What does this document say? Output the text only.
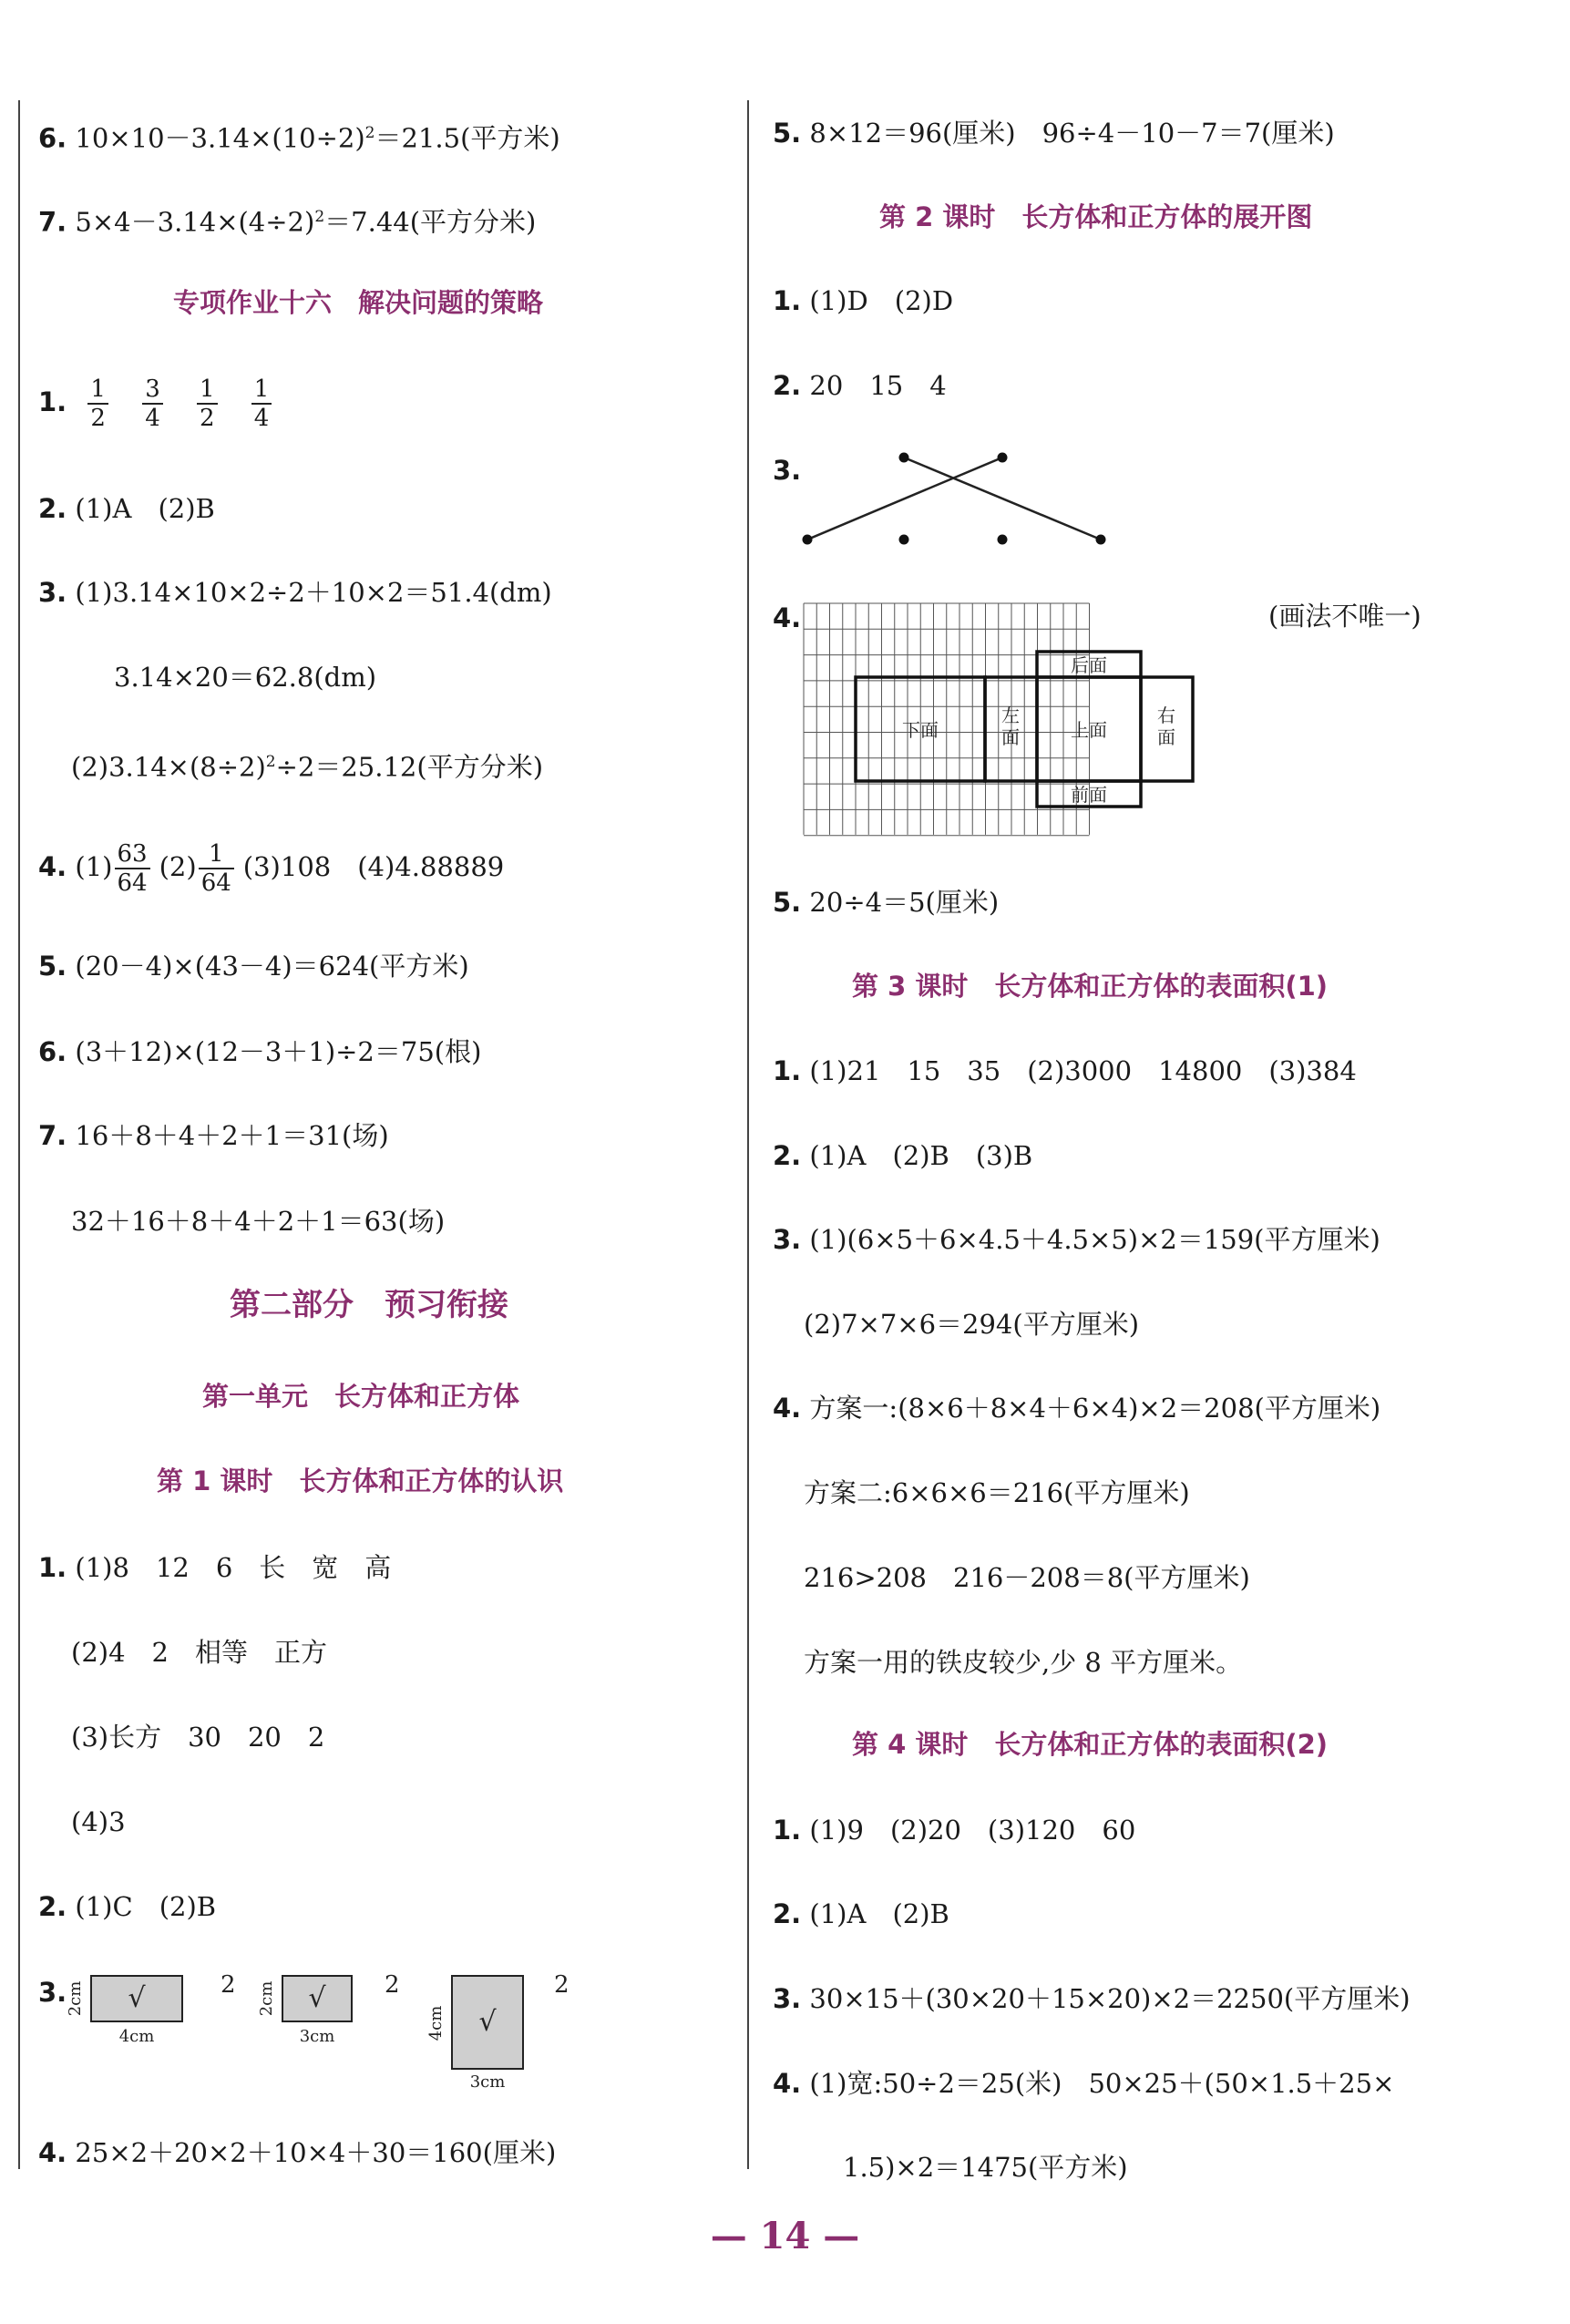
6. $10\times 10-3.14\times(10\div 2)^2=21.5$(平方米)
7. $5\times 4-3.14\times(4\div 2)^2=7.44$(平方分米)
专项作业十六　解决问题的策略
1. $\frac{1}{2}$
$\frac{3}{4}$
$\frac{1}{2}$
$\frac{1}{4}$
2. (1)A　(2)B
3. (1)3.14×10×2÷2＋10×2＝51.4(dm)
3.14×20＝62.8(dm)
$(2)3.14\times(8\div 2)^2\div 2=25.12$(平方分米)
4. $(1) \frac{63}{64} (2) \frac{1}{64} (3)108$　(4)4.88889
5. (20－4)×(43－4)＝624(平方米)
6. (3＋12)×(12－3＋1)÷2＝75(根)
7. 16＋8＋4＋2＋1＝31(场)
32＋16＋8＋4＋2＋1＝63(场)
第二部分　预习衔接
第一单元　长方体和正方体
第 1 课时　长方体和正方体的认识
1. (1)8　12　6　长　宽　高
(2)4　2　相等　正方
(3)长方　30　20　2
(4)3
2. (1)C　(2)B
3. √
2cm
4cm
2	√
2cm
3cm
2
√
4cm
3cm
2
4. 25×2＋20×2＋10×4＋30＝160(厘米)
5. 8×12＝96(厘米)　96÷4－10－7＝7(厘米)
第 2 课时　长方体和正方体的展开图
1. (1)D　(2)D
2. 20　15　4
3.
4.	(画法不唯一)
后面
下面
左面	上面
右面
前面
5. 20÷4＝5(厘米)
第 3 课时　长方体和正方体的表面积(1)
1. (1)21　15　35　(2)3000　14800　(3)384
2. (1)A　(2)B　(3)B
3. (1)(6×5＋6×4.5＋4.5×5)×2＝159(平方厘米)
(2)7×7×6＝294(平方厘米)
4. 方案一:(8×6＋8×4＋6×4)×2＝208(平方厘米)
方案二:6×6×6＝216(平方厘米)
216>208　216－208＝8(平方厘米)
方案一用的铁皮较少,少 8 平方厘米。
第 4 课时　长方体和正方体的表面积(2)
1. (1)9　(2)20　(3)120　60
2. (1)A　(2)B
3. 30×15＋(30×20＋15×20)×2＝2250(平方厘米)
4. (1)宽:50÷2＝25(米)　50×25＋(50×1.5＋25×
1.5)×2＝1475(平方米)
— 14 —
